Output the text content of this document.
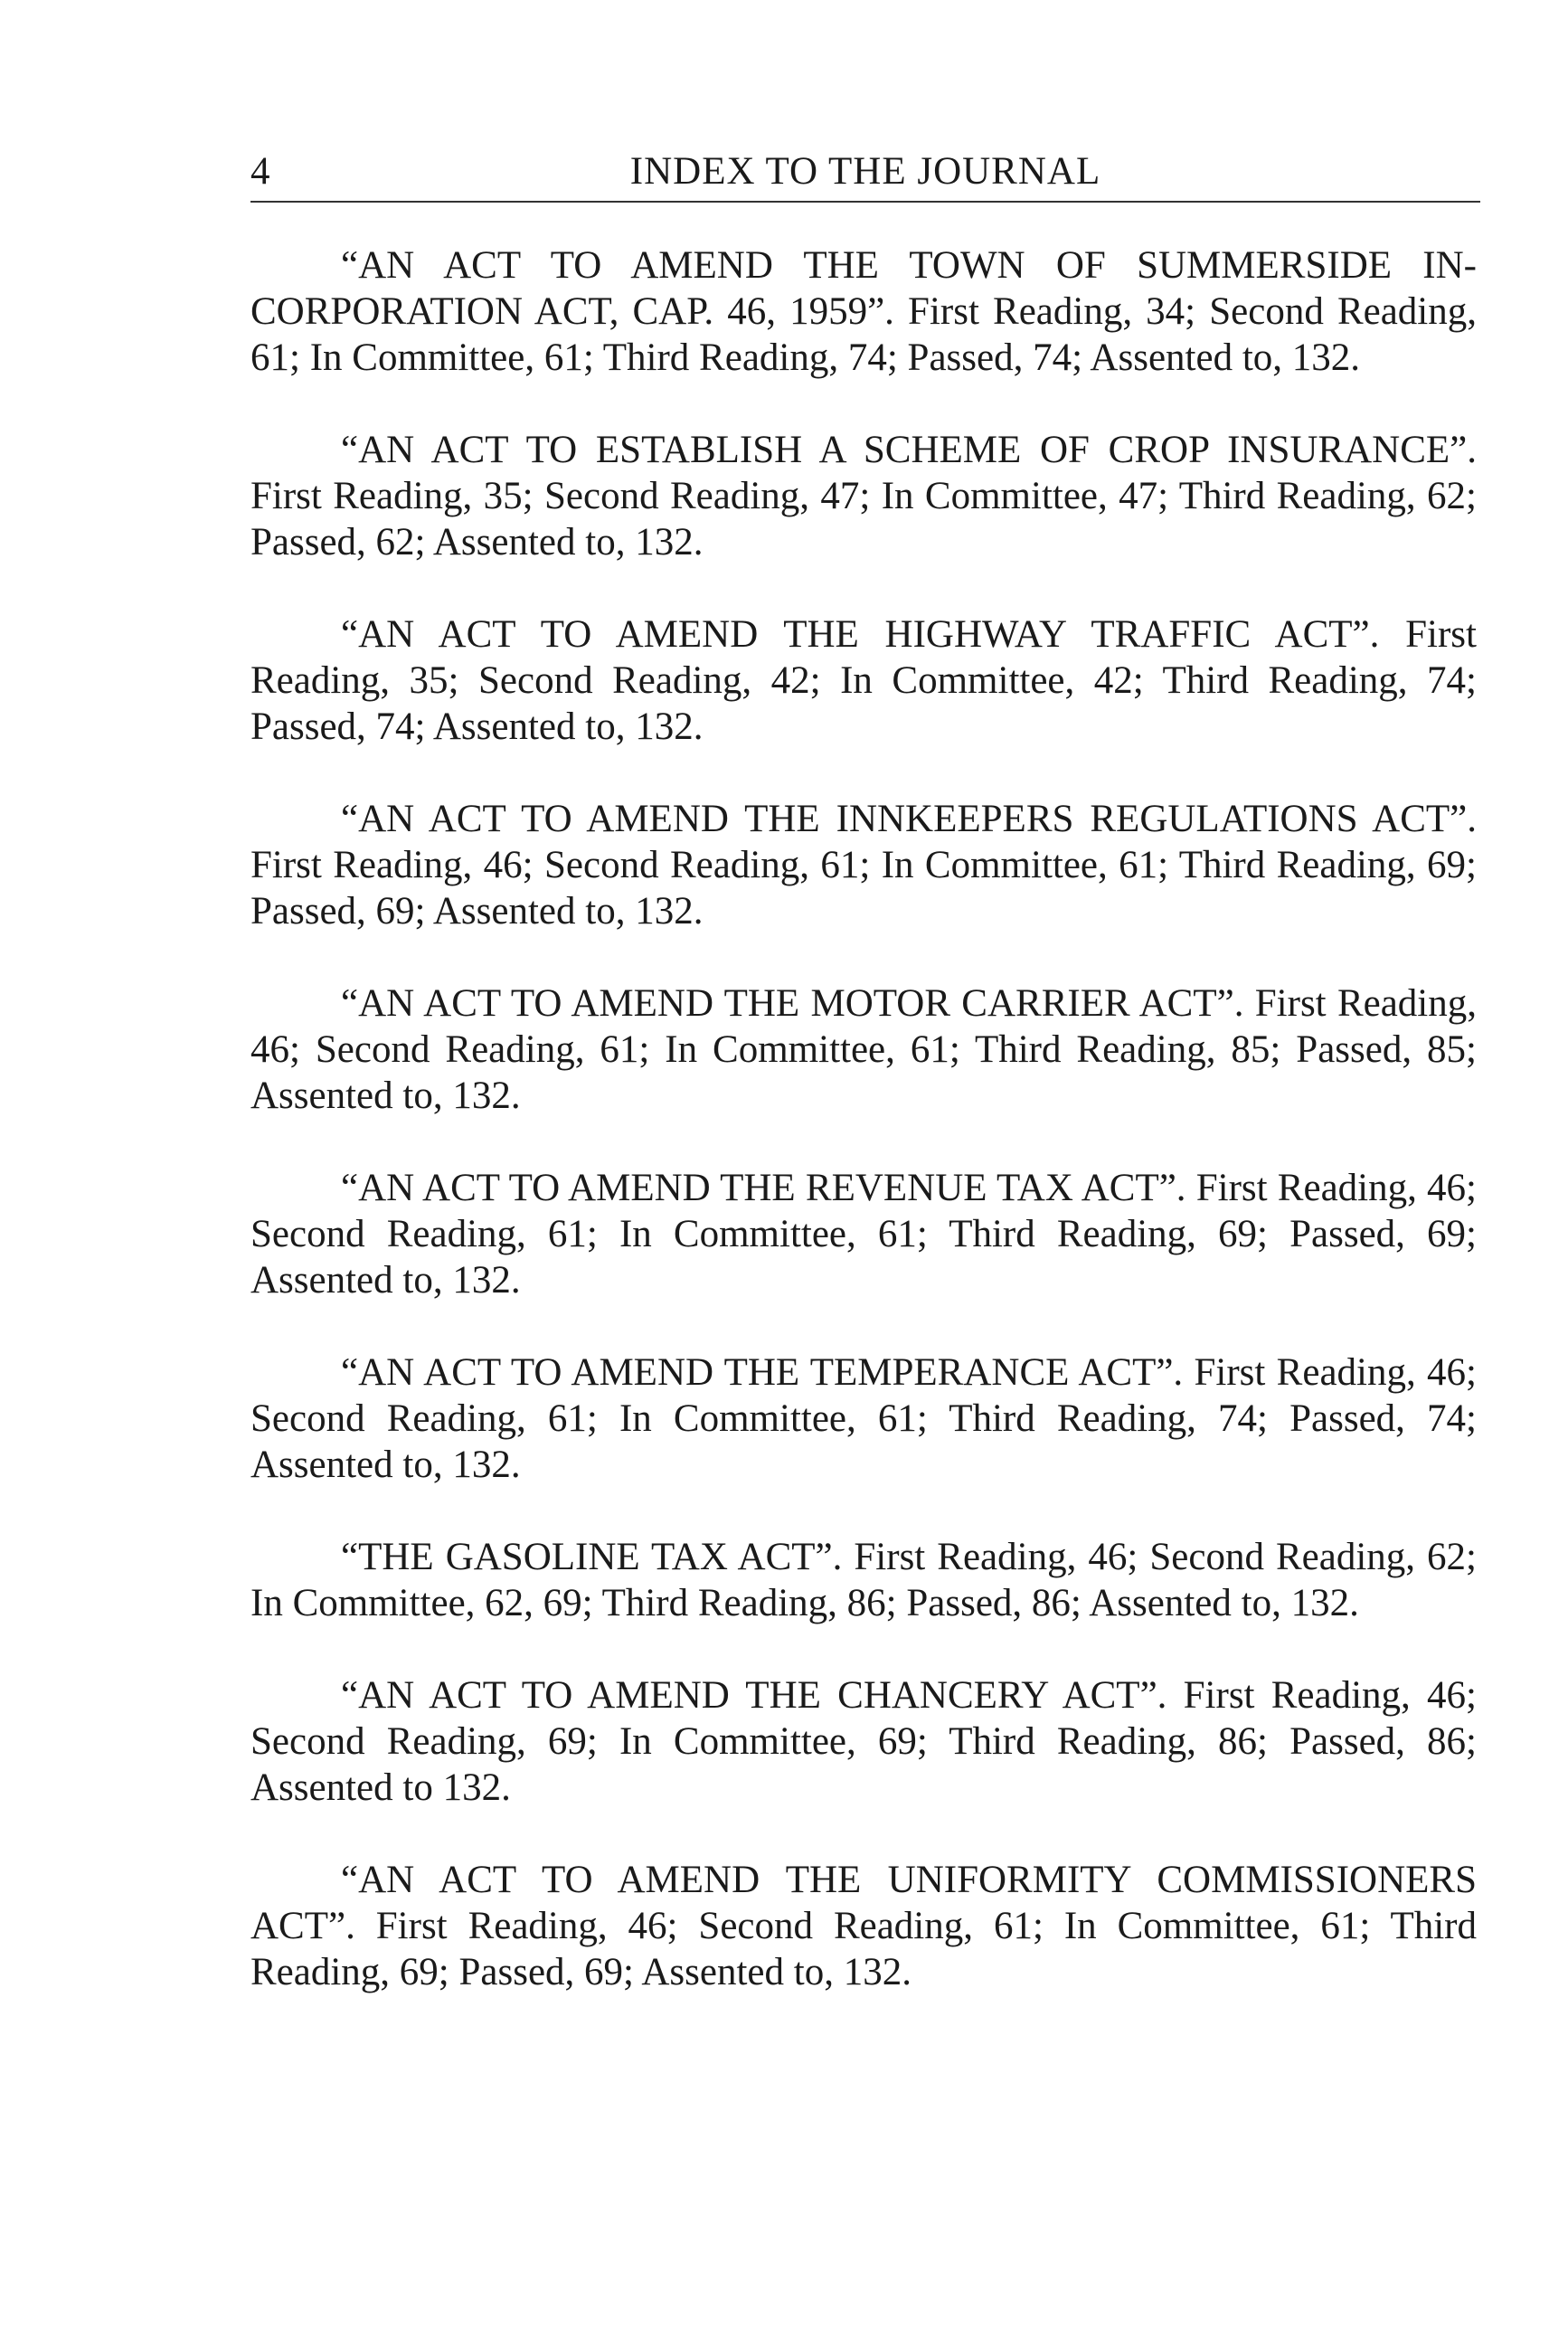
4	INDEX TO THE JOURNAL

“AN ACT TO AMEND THE TOWN OF SUMMERSIDE INCORPORATION ACT, CAP. 46, 1959”. First Reading, 34; Second Reading, 61; In Committee, 61; Third Reading, 74; Passed, 74; Assented to, 132.

“AN ACT TO ESTABLISH A SCHEME OF CROP INSURANCE”. First Reading, 35; Second Reading, 47; In Committee, 47; Third Reading, 62; Passed, 62; Assented to, 132.

“AN ACT TO AMEND THE HIGHWAY TRAFFIC ACT”. First Reading, 35; Second Reading, 42; In Committee, 42; Third Reading, 74; Passed, 74; Assented to, 132.

“AN ACT TO AMEND THE INNKEEPERS REGULATIONS ACT”. First Reading, 46; Second Reading, 61; In Committee, 61; Third Reading, 69; Passed, 69; Assented to, 132.

“AN ACT TO AMEND THE MOTOR CARRIER ACT”. First Reading, 46; Second Reading, 61; In Committee, 61; Third Reading, 85; Passed, 85; Assented to, 132.

“AN ACT TO AMEND THE REVENUE TAX ACT”. First Reading, 46; Second Reading, 61; In Committee, 61; Third Reading, 69; Passed, 69; Assented to, 132.

“AN ACT TO AMEND THE TEMPERANCE ACT”. First Reading, 46; Second Reading, 61; In Committee, 61; Third Reading, 74; Passed, 74; Assented to, 132.

“THE GASOLINE TAX ACT”. First Reading, 46; Second Reading, 62; In Committee, 62, 69; Third Reading, 86; Passed, 86; Assented to, 132.

“AN ACT TO AMEND THE CHANCERY ACT”. First Reading, 46; Second Reading, 69; In Committee, 69; Third Reading, 86; Passed, 86; Assented to 132.

“AN ACT TO AMEND THE UNIFORMITY COMMISSIONERS ACT”. First Reading, 46; Second Reading, 61; In Committee, 61; Third Reading, 69; Passed, 69; Assented to, 132.
